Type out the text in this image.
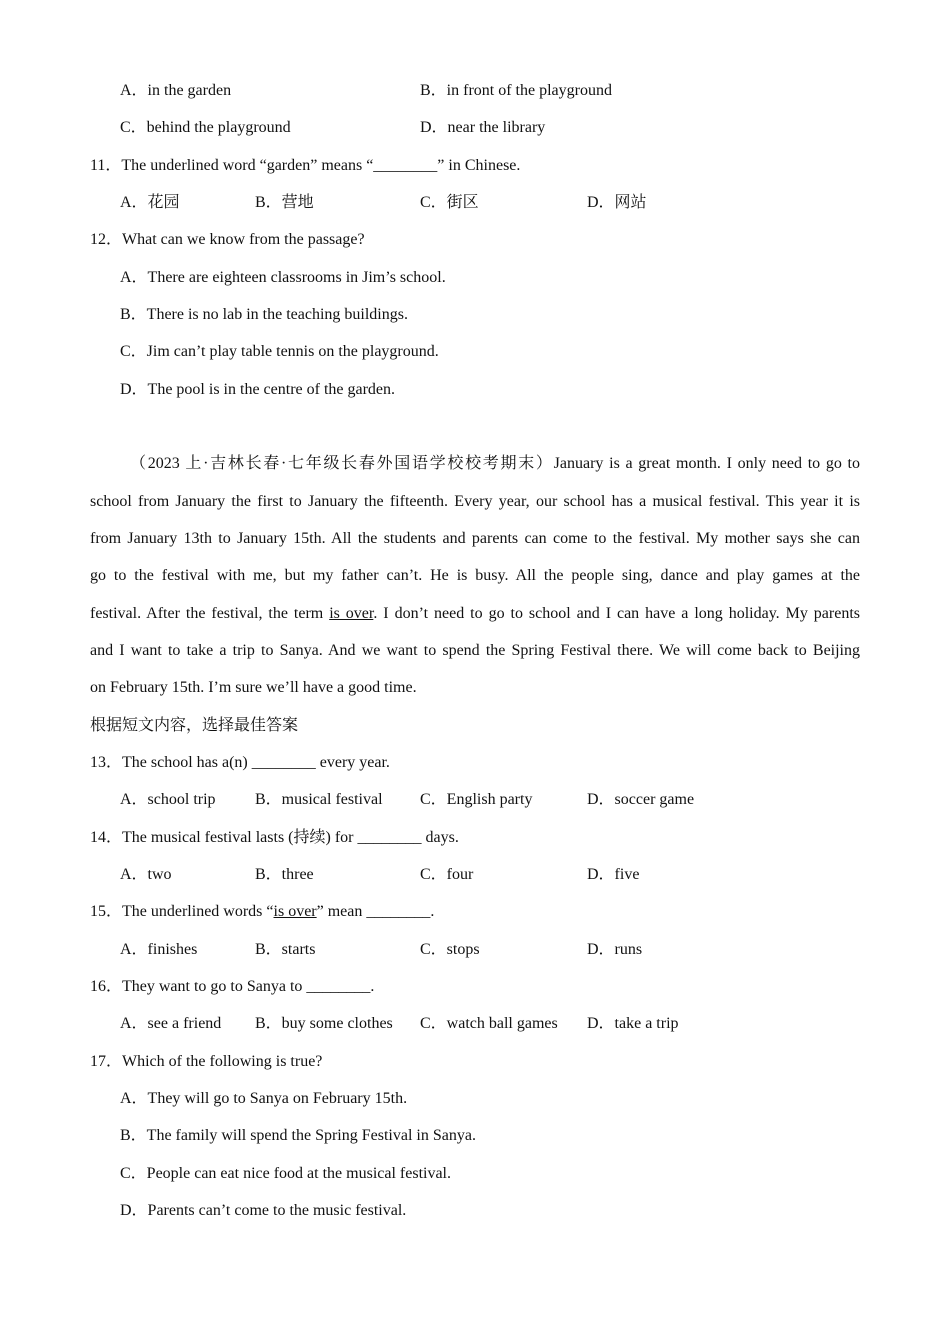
A．in the garden	B．in front of the playground
C．behind the playground	D．near the library
11．The underlined word “garden” means “________” in Chinese.
A．花园	B．营地	C．街区	D．网站
12．What can we know from the passage?
A．There are eighteen classrooms in Jim’s school.
B．There is no lab in the teaching buildings.
C．Jim can’t play table tennis on the playground.
D．The pool is in the centre of the garden.
（2023 上·吉林长春·七年级长春外国语学校校考期末）January is a great month. I only need to go to
school from January the first to January the fifteenth. Every year, our school has a musical festival. This year it is
from January 13th to January 15th. All the students and parents can come to the festival. My mother says she can
go to the festival with me, but my father can’t. He is busy. All the people sing, dance and play games at the
festival. After the festival, the term is over. I don’t need to go to school and I can have a long holiday. My parents
and I want to take a trip to Sanya. And we want to spend the Spring Festival there. We will come back to Beijing
on February 15th. I’m sure we’ll have a good time.
根据短文内容，选择最佳答案
13．The school has a(n) ________ every year.
A．school trip B．musical festival C．English party	D．soccer game
14．The musical festival lasts (持续) for ________ days.
A．two	B．three	C．four	D．five
15．The underlined words “is over” mean ________.
A．finishes	B．starts	C．stops	D．runs
16．They want to go to Sanya to ________.
A．see a friend B．buy some clothes C．watch ball games D．take a trip
17．Which of the following is true?
A．They will go to Sanya on February 15th.
B．The family will spend the Spring Festival in Sanya.
C．People can eat nice food at the musical festival.
D．Parents can’t come to the music festival.
